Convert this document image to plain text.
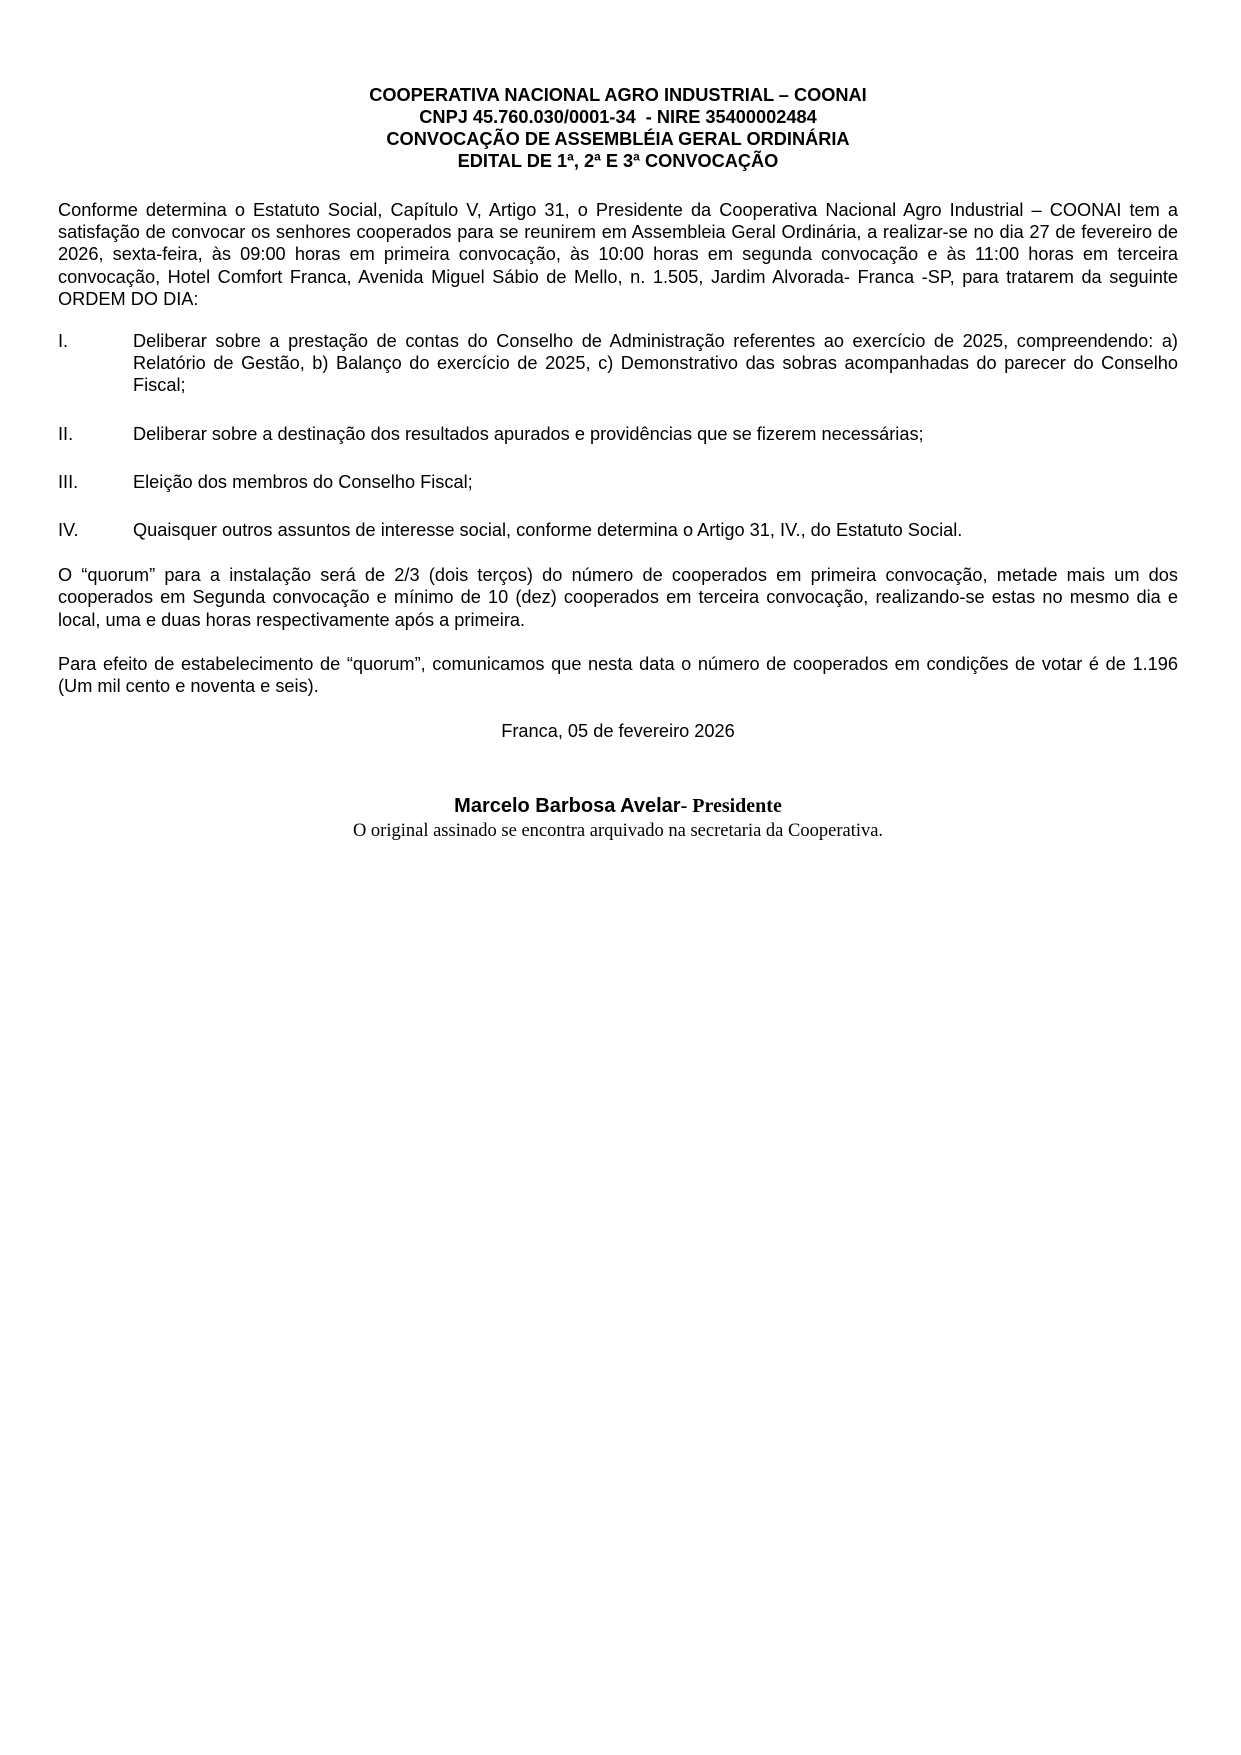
COOPERATIVA NACIONAL AGRO INDUSTRIAL – COONAI
CNPJ 45.760.030/0001-34  - NIRE 35400002484
CONVOCAÇÃO DE ASSEMBLÉIA GERAL ORDINÁRIA
EDITAL DE 1ª, 2ª E 3ª CONVOCAÇÃO

Conforme determina o Estatuto Social, Capítulo V, Artigo 31, o Presidente da Cooperativa Nacional Agro Industrial – COONAI tem a satisfação de convocar os senhores cooperados para se reunirem em Assembleia Geral Ordinária, a realizar-se no dia 27 de fevereiro de 2026, sexta-feira, às 09:00 horas em primeira convocação, às 10:00 horas em segunda convocação e às 11:00 horas em terceira convocação, Hotel Comfort Franca, Avenida Miguel Sábio de Mello, n. 1.505, Jardim Alvorada- Franca -SP, para tratarem da seguinte ORDEM DO DIA:

I.	Deliberar sobre a prestação de contas do Conselho de Administração referentes ao exercício de 2025, compreendendo: a) Relatório de Gestão, b) Balanço do exercício de 2025, c) Demonstrativo das sobras acompanhadas do parecer do Conselho Fiscal;
II.	Deliberar sobre a destinação dos resultados apurados e providências que se fizerem necessárias;
III.	Eleição dos membros do Conselho Fiscal;
IV.	Quaisquer outros assuntos de interesse social, conforme determina o Artigo 31, IV., do Estatuto Social.

O “quorum” para a instalação será de 2/3 (dois terços) do número de cooperados em primeira convocação, metade mais um dos cooperados em Segunda convocação e mínimo de 10 (dez) cooperados em terceira convocação, realizando-se estas no mesmo dia e local, uma e duas horas respectivamente após a primeira.

Para efeito de estabelecimento de “quorum”, comunicamos que nesta data o número de cooperados em condições de votar é de 1.196 (Um mil cento e noventa e seis).

Franca, 05 de fevereiro 2026
Marcelo Barbosa Avelar- Presidente
O original assinado se encontra arquivado na secretaria da Cooperativa.
